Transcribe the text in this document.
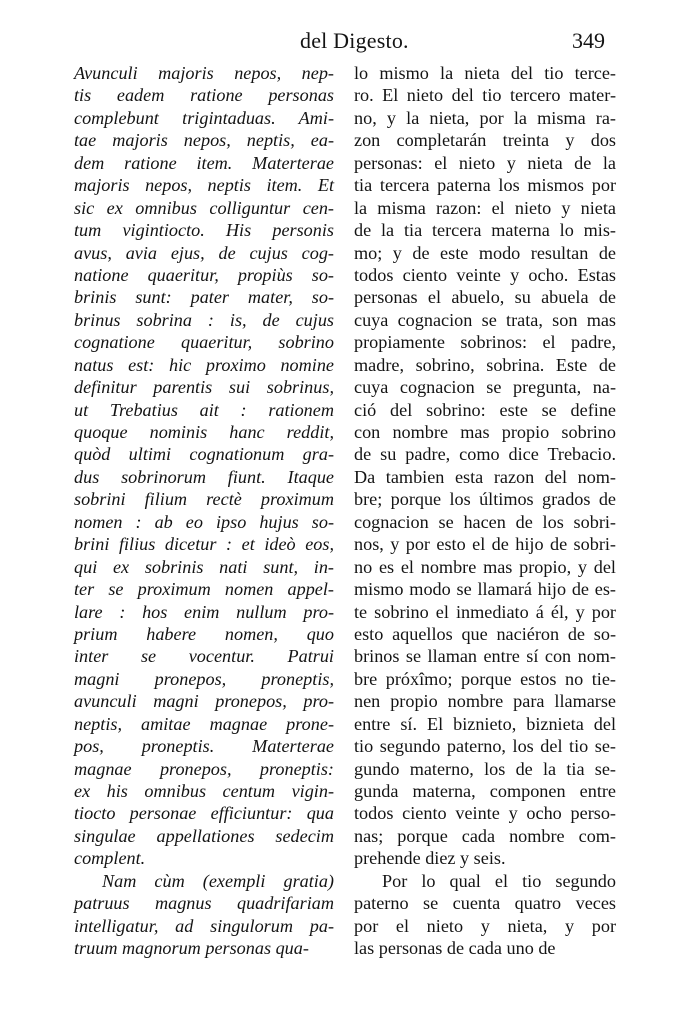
del Digesto.	349
Avunculi majoris nepos, nep-
tis eadem ratione personas
complebunt trigintaduas. Ami-
tae majoris nepos, neptis, ea-
dem ratione item. Materterae
majoris nepos, neptis item. Et
sic ex omnibus colliguntur cen-
tum vigintiocto. His personis
avus, avia ejus, de cujus cog-
natione quaeritur, propiùs so-
brinis sunt: pater mater, so-
brinus sobrina : is, de cujus
cognatione quaeritur, sobrino
natus est: hic proximo nomine
definitur parentis sui sobrinus,
ut Trebatius ait : rationem
quoque nominis hanc reddit,
quòd ultimi cognationum gra-
dus sobrinorum fiunt. Itaque
sobrini filium rectè proximum
nomen : ab eo ipso hujus so-
brini filius dicetur : et ideò eos,
qui ex sobrinis nati sunt, in-
ter se proximum nomen appel-
lare : hos enim nullum pro-
prium habere nomen, quo
inter se vocentur. Patrui
magni pronepos, proneptis,
avunculi magni pronepos, pro-
neptis, amitae magnae prone-
pos, proneptis. Materterae
magnae pronepos, proneptis:
ex his omnibus centum vigin-
tiocto personae efficiuntur: qua
singulae appellationes sedecim
complent.
Nam cùm (exempli gratia)
patruus magnus quadrifariam
intelligatur, ad singulorum pa-
truum magnorum personas qua-
lo mismo la nieta del tio terce-
ro. El nieto del tio tercero mater-
no, y la nieta, por la misma ra-
zon completarán treinta y dos
personas: el nieto y nieta de la
tia tercera paterna los mismos por
la misma razon: el nieto y nieta
de la tia tercera materna lo mis-
mo; y de este modo resultan de
todos ciento veinte y ocho. Estas
personas el abuelo, su abuela de
cuya cognacion se trata, son mas
propiamente sobrinos: el padre,
madre, sobrino, sobrina. Este de
cuya cognacion se pregunta, na-
ció del sobrino: este se define
con nombre mas propio sobrino
de su padre, como dice Trebacio.
Da tambien esta razon del nom-
bre; porque los últimos grados de
cognacion se hacen de los sobri-
nos, y por esto el de hijo de sobri-
no es el nombre mas propio, y del
mismo modo se llamará hijo de es-
te sobrino el inmediato á él, y por
esto aquellos que naciéron de so-
brinos se llaman entre sí con nom-
bre próxîmo; porque estos no tie-
nen propio nombre para llamarse
entre sí. El biznieto, biznieta del
tio segundo paterno, los del tio se-
gundo materno, los de la tia se-
gunda materna, componen entre
todos ciento veinte y ocho perso-
nas; porque cada nombre com-
prehende diez y seis.
Por lo qual el tio segundo
paterno se cuenta quatro veces
por el nieto y nieta, y por
las personas de cada uno de
